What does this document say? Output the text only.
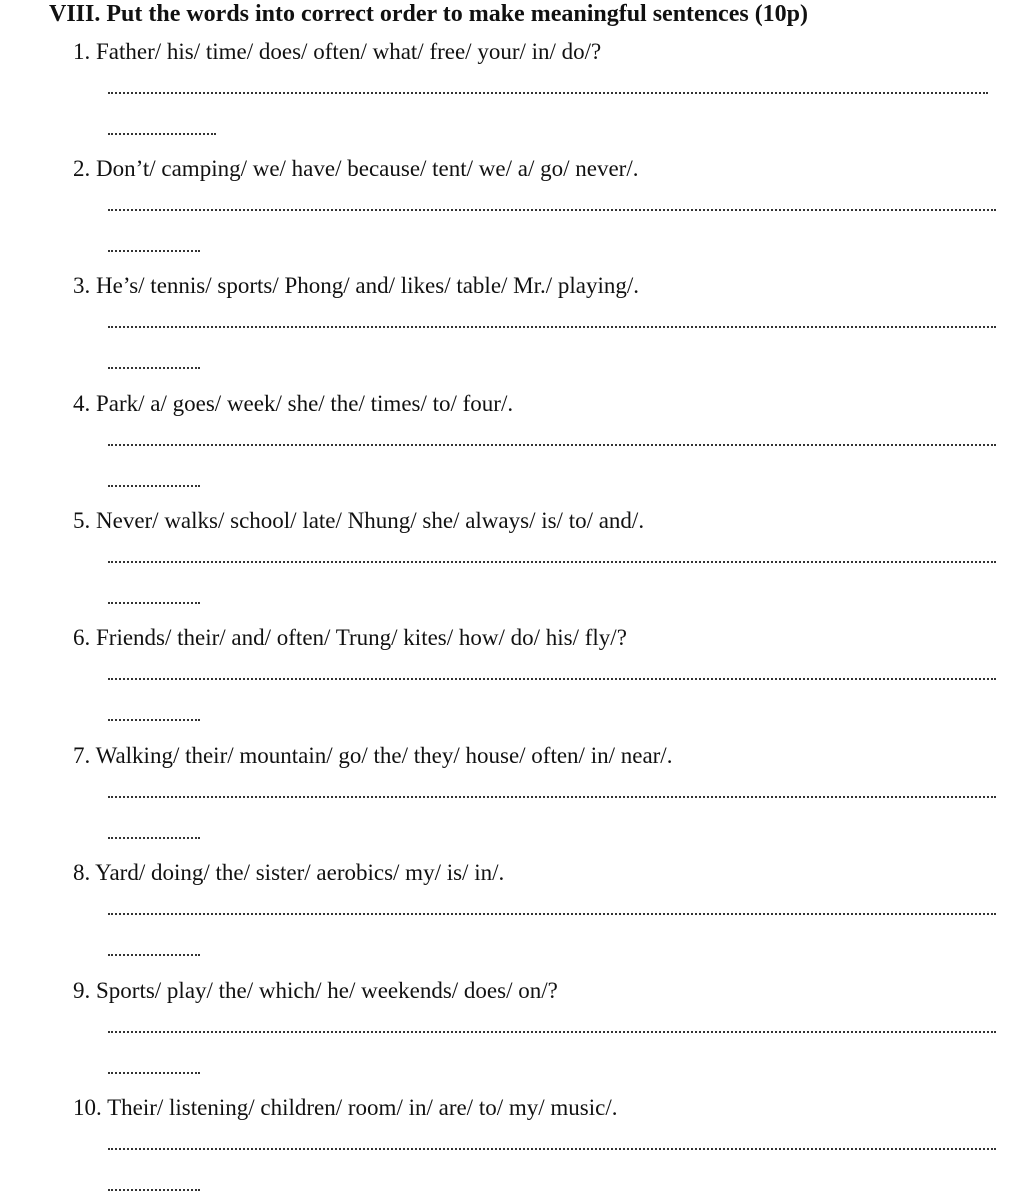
VIII. Put the words into correct order to make meaningful sentences (10p)
1. Father/ his/ time/ does/ often/ what/ free/ your/ in/ do/?
2. Don’t/ camping/ we/ have/ because/ tent/ we/ a/ go/ never/.
3. He’s/ tennis/ sports/ Phong/ and/ likes/ table/ Mr./ playing/.
4. Park/ a/ goes/ week/ she/ the/ times/ to/ four/.
5. Never/ walks/ school/ late/ Nhung/ she/ always/ is/ to/ and/.
6. Friends/ their/ and/ often/ Trung/ kites/ how/ do/ his/ fly/?
7. Walking/ their/ mountain/ go/ the/ they/ house/ often/ in/ near/.
8. Yard/ doing/ the/ sister/ aerobics/ my/ is/ in/.
9. Sports/ play/ the/ which/ he/ weekends/ does/ on/?
10. Their/ listening/ children/ room/ in/ are/ to/ my/ music/.
